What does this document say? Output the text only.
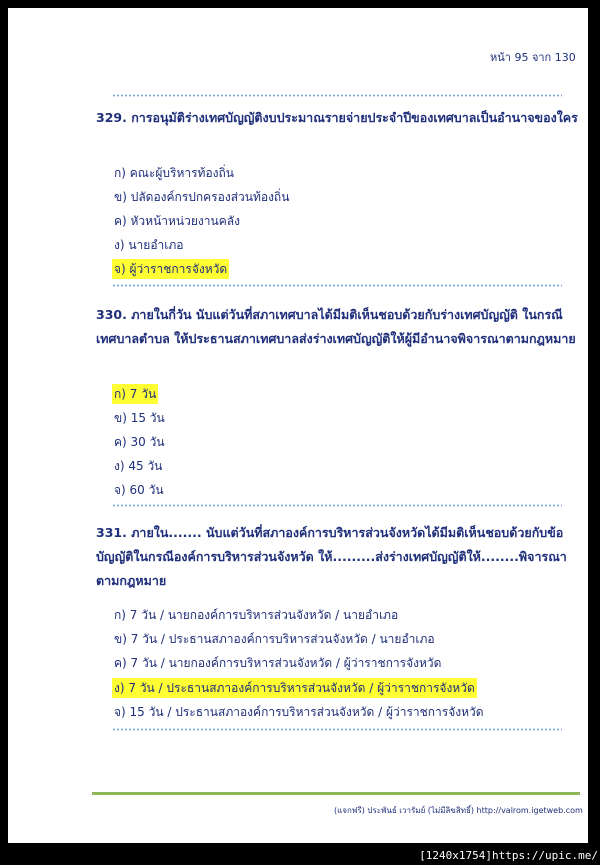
หน้า 95 จาก 130
329. การอนุมัติร่างเทศบัญญัติงบประมาณรายจ่ายประจำปีของเทศบาลเป็นอำนาจของใคร
ก) คณะผู้บริหารท้องถิ่น
ข) ปลัดองค์กรปกครองส่วนท้องถิ่น
ค) หัวหน้าหน่วยงานคลัง
ง) นายอำเภอ
จ) ผู้ว่าราชการจังหวัด
330. ภายในกี่วัน นับแต่วันที่สภาเทศบาลได้มีมติเห็นชอบด้วยกับร่างเทศบัญญัติ ในกรณีเทศบาลตำบล ให้ประธานสภาเทศบาลส่งร่างเทศบัญญัติให้ผู้มีอำนาจพิจารณาตามกฎหมาย
ก) 7 วัน
ข) 15 วัน
ค) 30 วัน
ง) 45 วัน
จ) 60 วัน
331. ภายใน....... นับแต่วันที่สภาองค์การบริหารส่วนจังหวัดได้มีมติเห็นชอบด้วยกับข้อบัญญัติในกรณีองค์การบริหารส่วนจังหวัด ให้.........ส่งร่างเทศบัญญัติให้........พิจารณาตามกฎหมาย
ก) 7 วัน / นายกองค์การบริหารส่วนจังหวัด / นายอำเภอ
ข) 7 วัน / ประธานสภาองค์การบริหารส่วนจังหวัด / นายอำเภอ
ค) 7 วัน / นายกองค์การบริหารส่วนจังหวัด / ผู้ว่าราชการจังหวัด
ง) 7 วัน / ประธานสภาองค์การบริหารส่วนจังหวัด / ผู้ว่าราชการจังหวัด
จ) 15 วัน / ประธานสภาองค์การบริหารส่วนจังหวัด / ผู้ว่าราชการจังหวัด
(แจกฟรี) ประพันธ์ เวารัมย์ (ไม่มีลิขสิทธิ์) http://valrom.igetweb.com
[1240x1754]https://upic.me/
